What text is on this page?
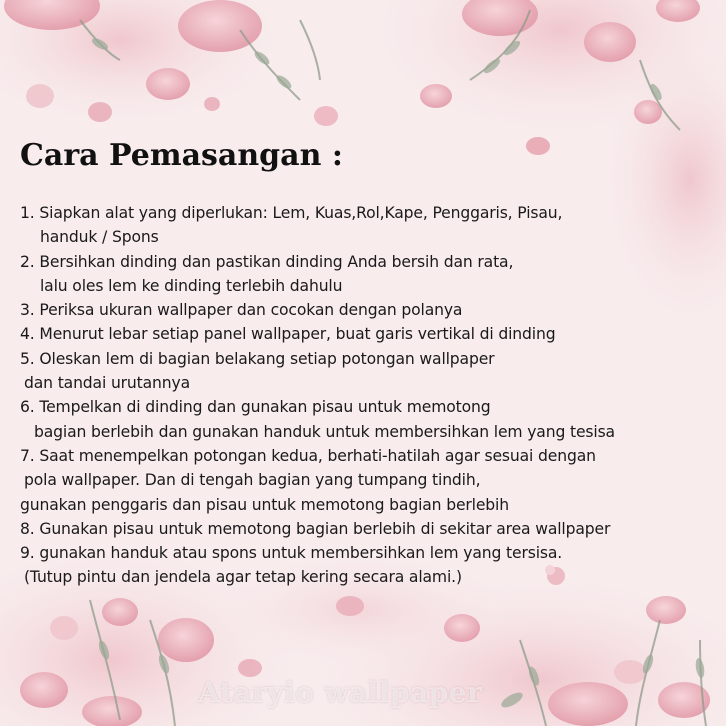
Cara Pemasangan :
1. Siapkan alat yang diperlukan: Lem, Kuas,Rol,Kape, Penggaris, Pisau,
handuk / Spons
2. Bersihkan dinding dan pastikan dinding Anda bersih dan rata,
lalu oles lem ke dinding terlebih dahulu
3. Periksa ukuran wallpaper dan cocokan dengan polanya
4. Menurut lebar setiap panel wallpaper, buat garis vertikal di dinding
5. Oleskan lem di bagian belakang setiap potongan wallpaper
dan tandai urutannya
6. Tempelkan di dinding dan gunakan pisau untuk memotong
bagian berlebih dan gunakan handuk untuk membersihkan lem yang tesisa
7. Saat menempelkan potongan kedua, berhati-hatilah agar sesuai dengan
pola wallpaper. Dan di tengah bagian yang tumpang tindih,
gunakan penggaris dan pisau untuk memotong bagian berlebih
8. Gunakan pisau untuk memotong bagian berlebih di sekitar area wallpaper
9. gunakan handuk atau spons untuk membersihkan lem yang tersisa.
(Tutup pintu dan jendela agar tetap kering secara alami.)
Ataryio wallpaper
